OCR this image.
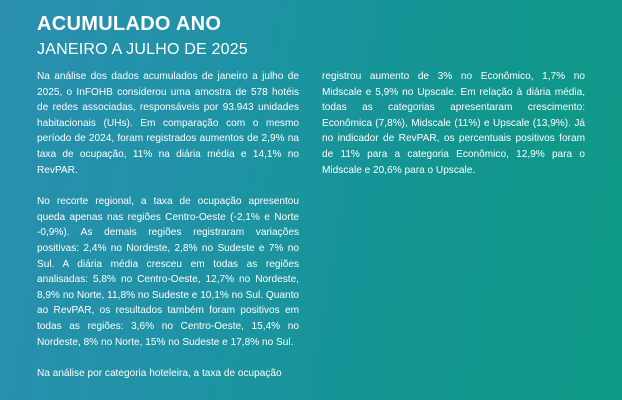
ACUMULADO ANO
JANEIRO A JULHO DE 2025

Na análise dos dados acumulados de janeiro a julho de 2025, o InFOHB considerou uma amostra de 578 hotéis de redes associadas, responsáveis por 93.943 unidades habitacionais (UHs). Em comparação com o mesmo período de 2024, foram registrados aumentos de 2,9% na taxa de ocupação, 11% na diária média e 14,1% no RevPAR.

No recorte regional, a taxa de ocupação apresentou queda apenas nas regiões Centro-Oeste (-2,1% e Norte -0,9%). As demais regiões registraram variações positivas: 2,4% no Nordeste, 2,8% no Sudeste e 7% no Sul. A diária média cresceu em todas as regiões analisadas: 5,8% no Centro-Oeste, 12,7% no Nordeste, 8,9% no Norte, 11,8% no Sudeste e 10,1% no Sul. Quanto ao RevPAR, os resultados também foram positivos em todas as regiões: 3,6% no Centro-Oeste, 15,4% no Nordeste, 8% no Norte, 15% no Sudeste e 17,8% no Sul.

Na análise por categoria hoteleira, a taxa de ocupação

registrou aumento de 3% no Econômico, 1,7% no Midscale e 5,9% no Upscale. Em relação à diária média, todas as categorias apresentaram crescimento: Econômica (7,8%), Midscale (11%) e Upscale (13,9%). Já no indicador de RevPAR, os percentuais positivos foram de 11% para a categoria Econômico, 12,9% para o Midscale e 20,6% para o Upscale.
